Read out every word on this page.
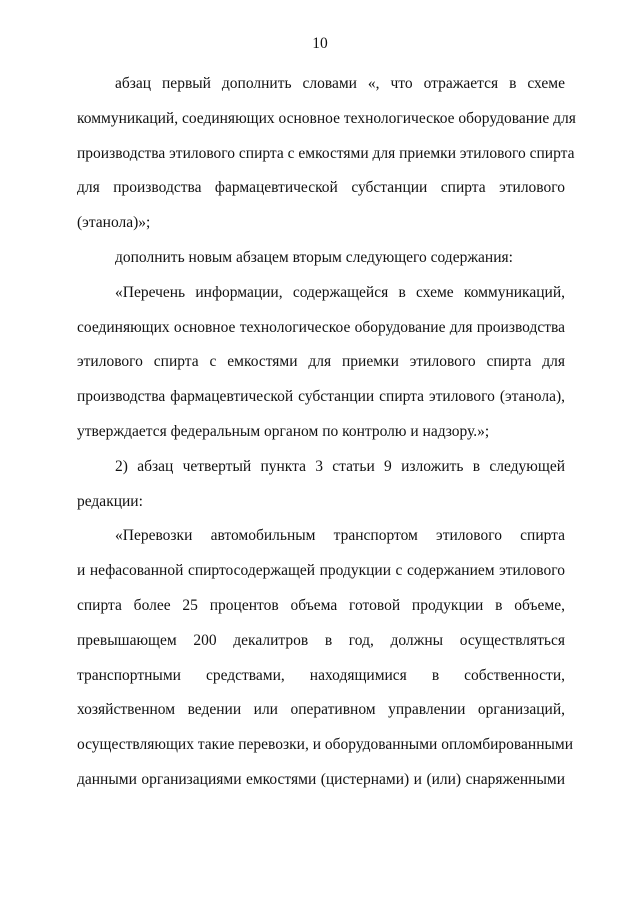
10
абзац первый дополнить словами «, что отражается в схеме
коммуникаций, соединяющих основное технологическое оборудование для
производства этилового спирта с емкостями для приемки этилового спирта
для производства фармацевтической субстанции спирта этилового
(этанола)»;
дополнить новым абзацем вторым следующего содержания:
«Перечень информации, содержащейся в схеме коммуникаций,
соединяющих основное технологическое оборудование для производства
этилового спирта с емкостями для приемки этилового спирта для
производства фармацевтической субстанции спирта этилового (этанола),
утверждается федеральным органом по контролю и надзору.»;
2) абзац четвертый пункта 3 статьи 9 изложить в следующей
редакции:
«Перевозки автомобильным транспортом этилового спирта
и нефасованной спиртосодержащей продукции с содержанием этилового
спирта более 25 процентов объема готовой продукции в объеме,
превышающем 200 декалитров в год, должны осуществляться
транспортными средствами, находящимися в собственности,
хозяйственном ведении или оперативном управлении организаций,
осуществляющих такие перевозки, и оборудованными опломбированными
данными организациями емкостями (цистернами) и (или) снаряженными
